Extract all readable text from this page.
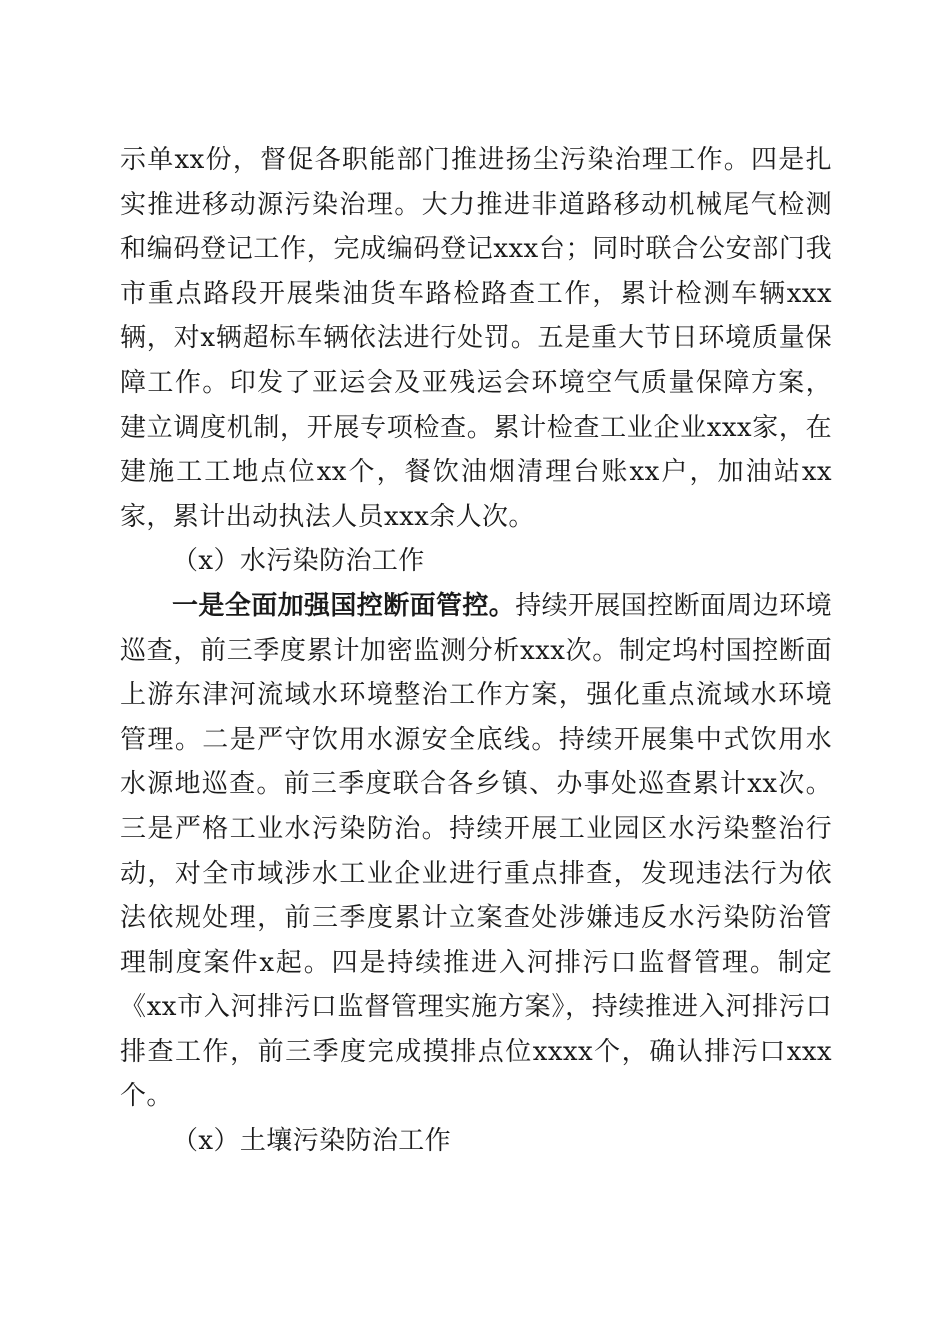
示单xx份，督促各职能部门推进扬尘污染治理工作。四是扎实推进移动源污染治理。大力推进非道路移动机械尾气检测和编码登记工作，完成编码登记xxx台；同时联合公安部门我市重点路段开展柴油货车路检路查工作，累计检测车辆xxx辆，对x辆超标车辆依法进行处罚。五是重大节日环境质量保障工作。印发了亚运会及亚残运会环境空气质量保障方案，建立调度机制，开展专项检查。累计检查工业企业xxx家，在建施工工地点位xx个，餐饮油烟清理台账xx户，加油站xx家，累计出动执法人员xxx余人次。

（x）水污染防治工作

一是全面加强国控断面管控。持续开展国控断面周边环境巡查，前三季度累计加密监测分析xxx次。制定坞村国控断面上游东津河流域水环境整治工作方案，强化重点流域水环境管理。二是严守饮用水源安全底线。持续开展集中式饮用水水源地巡查。前三季度联合各乡镇、办事处巡查累计xx次。三是严格工业水污染防治。持续开展工业园区水污染整治行动，对全市域涉水工业企业进行重点排查，发现违法行为依法依规处理，前三季度累计立案查处涉嫌违反水污染防治管理制度案件x起。四是持续推进入河排污口监督管理。制定《xx市入河排污口监督管理实施方案》，持续推进入河排污口排查工作，前三季度完成摸排点位xxxx个，确认排污口xxx个。

（x）土壤污染防治工作
